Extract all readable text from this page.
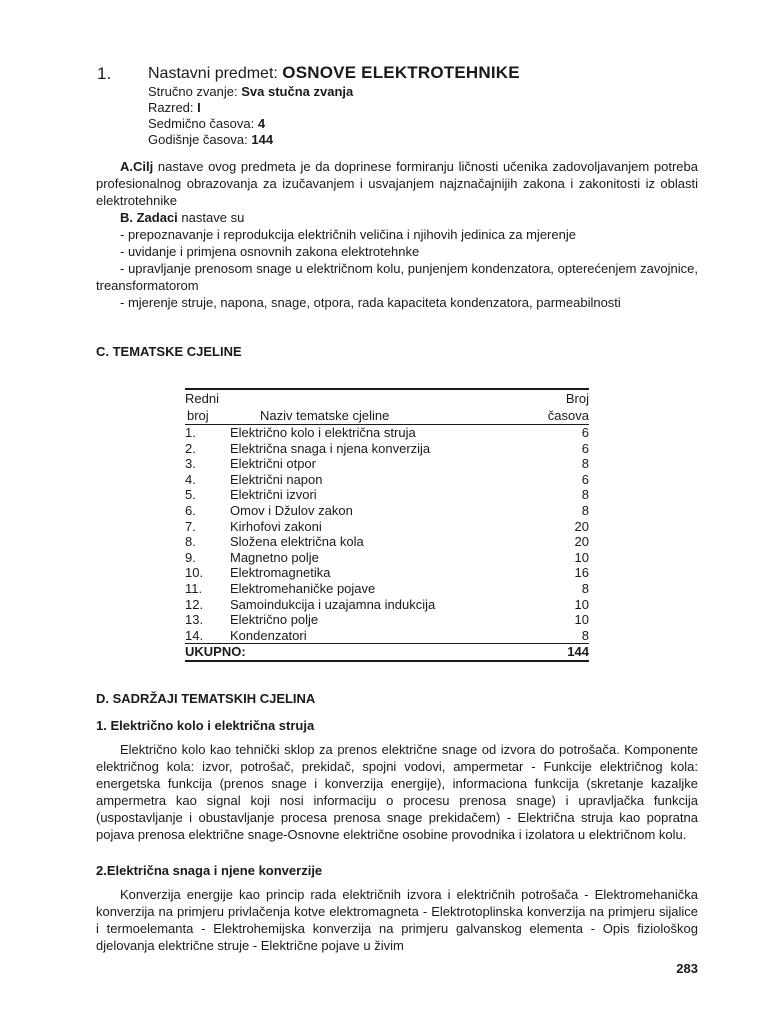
1. Nastavni predmet: OSNOVE ELEKTROTEHNIKE
Stručno zvanje: Sva stučna zvanja
Razred: I
Sedmično časova: 4
Godišnje časova: 144

A.Cilj nastave ovog predmeta je da doprinese formiranju ličnosti učenika zadovoljavanjem potreba profesionalnog obrazovanja za izučavanjem i usvajanjem najznačajnijih zakona i zakonitosti iz oblasti elektrotehnike

B. Zadaci nastave su

- prepoznavanje i reprodukcija električnih veličina i njihovih jedinica za mjerenje

- uvidanje i primjena osnovnih zakona elektrotehnke

- upravljanje prenosom snage u električnom kolu, punjenjem kondenzatora, opterećenjem zavojnice, treansformatorom

- mjerenje struje, napona, snage, otpora, rada kapaciteta kondenzatora, parmeabilnosti

C. TEMATSKE CJELINE
Redni		Broj
broj	Naziv tematske cjeline	časova
1.	Električno kolo i električna struja	6
2.	Električna snaga i njena konverzija	6
3.	Električni otpor	8
4.	Električni napon	6
5.	Električni izvori	8
6.	Omov i Džulov zakon	8
7.	Kirhofovi zakoni	20
8.	Složena električna kola	20
9.	Magnetno polje	10
10.	Elektromagnetika	16
11.	Elektromehaničke pojave	8
12.	Samoindukcija i uzajamna indukcija	10
13.	Električno polje	10
14.	Kondenzatori	8
UKUPNO:		144
D. SADRŽAJI TEMATSKIH CJELINA
1. Električno kolo i električna struja

Električno kolo kao tehnički sklop za prenos električne snage od izvora do potrošača. Komponente električnog kola: izvor, potrošač, prekidač, spojni vodovi, ampermetar - Funkcije električnog kola: energetska funkcija (prenos snage i konverzija energije), informaciona funkcija (skretanje kazaljke ampermetra kao signal koji nosi informaciju o procesu prenosa snage) i upravljačka funkcija (uspostavljanje i obustavljanje procesa prenosa snage prekidačem) - Električna struja kao popratna pojava prenosa električne snage-Osnovne električne osobine provodnika i izolatora u električnom kolu.

2.Električna snaga i njene konverzije

Konverzija energije kao princip rada električnih izvora i električnih potrošača - Elektromehanička konverzija na primjeru privlačenja kotve elektromagneta - Elektrotoplinska konverzija na primjeru sijalice i termoelemanta - Elektrohemijska konverzija na primjeru galvanskog elementa - Opis fiziološkog djelovanja električne struje - Električne pojave u živim

283
